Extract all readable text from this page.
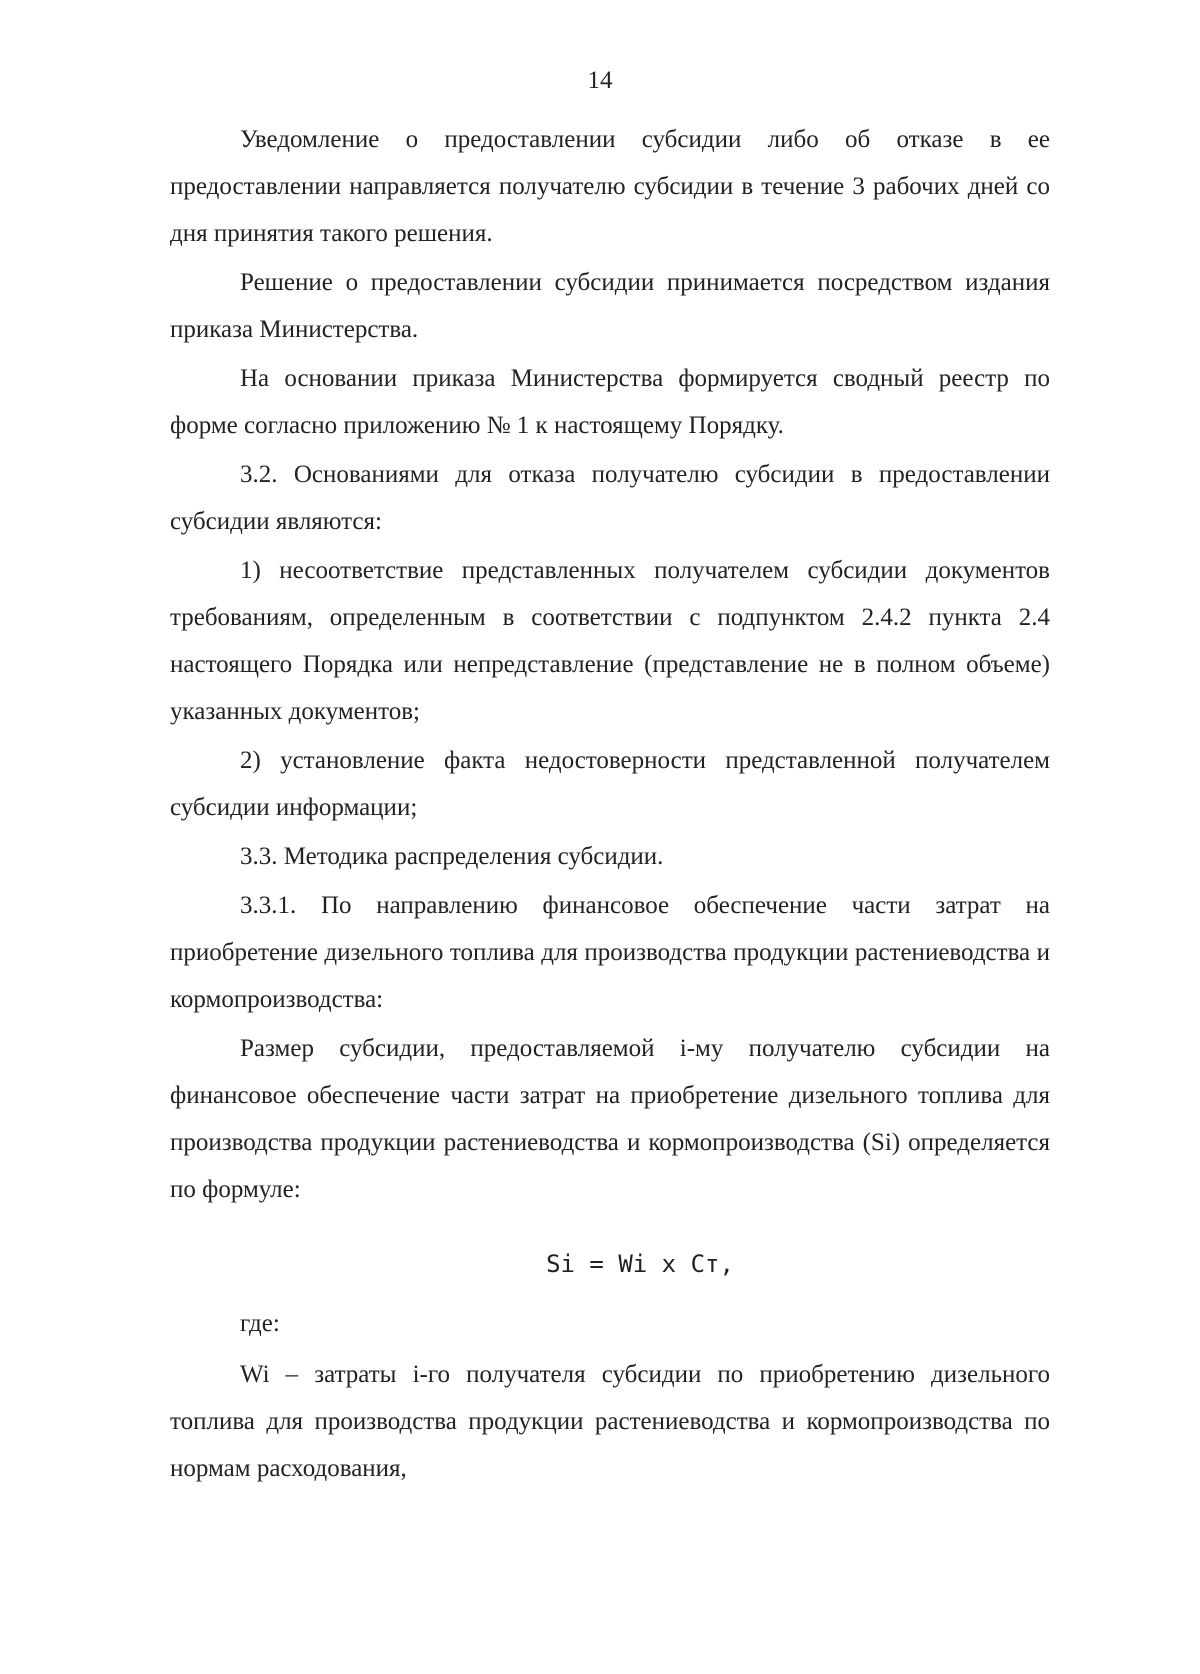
14

Уведомление о предоставлении субсидии либо об отказе в ее предоставлении направляется получателю субсидии в течение 3 рабочих дней со дня принятия такого решения.

Решение о предоставлении субсидии принимается посредством издания приказа Министерства.

На основании приказа Министерства формируется сводный реестр по форме согласно приложению № 1 к настоящему Порядку.

3.2. Основаниями для отказа получателю субсидии в предоставлении субсидии являются:

1) несоответствие представленных получателем субсидии документов требованиям, определенным в соответствии с подпунктом 2.4.2 пункта 2.4 настоящего Порядка или непредставление (представление не в полном объеме) указанных документов;

2) установление факта недостоверности представленной получателем субсидии информации;

3.3. Методика распределения субсидии.

3.3.1. По направлению финансовое обеспечение части затрат на приобретение дизельного топлива для производства продукции растениеводства и кормопроизводства:

Размер субсидии, предоставляемой i-му получателю субсидии на финансовое обеспечение части затрат на приобретение дизельного топлива для производства продукции растениеводства и кормопроизводства (Si) определяется по формуле:

Si = Wi x Ст,
где:

Wi – затраты i-го получателя субсидии по приобретению дизельного топлива для производства продукции растениеводства и кормопроизводства по нормам расходования,
